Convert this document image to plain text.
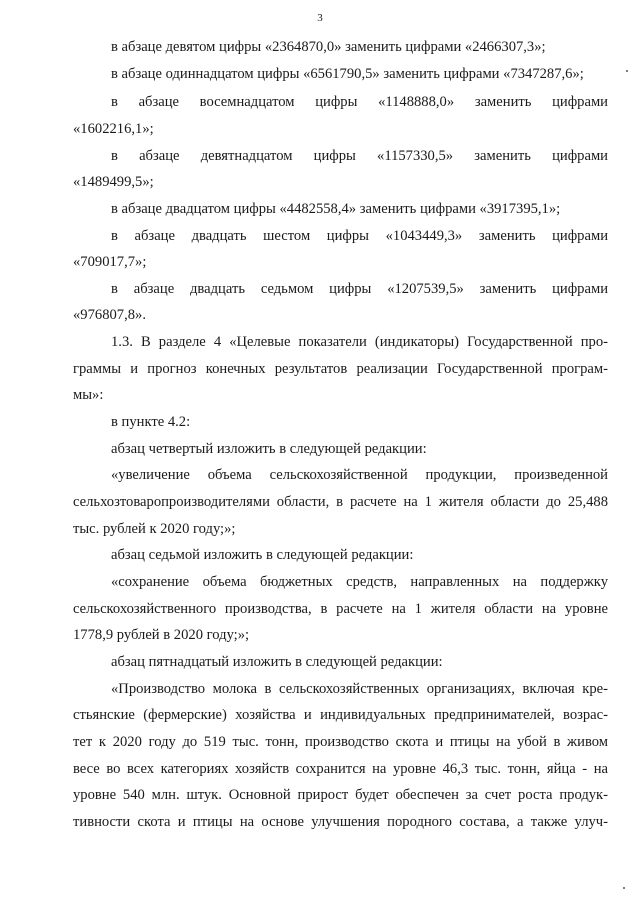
3
в абзаце девятом цифры «2364870,0» заменить цифрами «2466307,3»;
в абзаце одиннадцатом цифры «6561790,5» заменить цифрами «7347287,6»;
в абзаце восемнадцатом цифры «1148888,0» заменить цифрами
«1602216,1»;
в абзаце девятнадцатом цифры «1157330,5» заменить цифрами
«1489499,5»;
в абзаце двадцатом цифры «4482558,4» заменить цифрами «3917395,1»;
в абзаце двадцать шестом цифры «1043449,3» заменить цифрами
«709017,7»;
в абзаце двадцать седьмом цифры «1207539,5» заменить цифрами
«976807,8».
1.3. В разделе 4 «Целевые показатели (индикаторы) Государственной про-
граммы и прогноз конечных результатов реализации Государственной програм-
мы»:
в пункте 4.2:
абзац четвертый изложить в следующей редакции:
«увеличение объема сельскохозяйственной продукции, произведенной
сельхозтоваропроизводителями области, в расчете на 1 жителя области до 25,488
тыс. рублей к 2020 году;»;
абзац седьмой изложить в следующей редакции:
«сохранение объема бюджетных средств, направленных на поддержку
сельскохозяйственного производства, в расчете на 1 жителя области на уровне
1778,9 рублей в 2020 году;»;
абзац пятнадцатый изложить в следующей редакции:
«Производство молока в сельскохозяйственных организациях, включая кре-
стьянские (фермерские) хозяйства и индивидуальных предпринимателей, возрас-
тет к 2020 году до 519 тыс. тонн, производство скота и птицы на убой в живом
весе во всех категориях хозяйств сохранится на уровне 46,3 тыс. тонн, яйца - на
уровне 540 млн. штук. Основной прирост будет обеспечен за счет роста продук-
тивности скота и птицы на основе улучшения породного состава, а также улуч-
